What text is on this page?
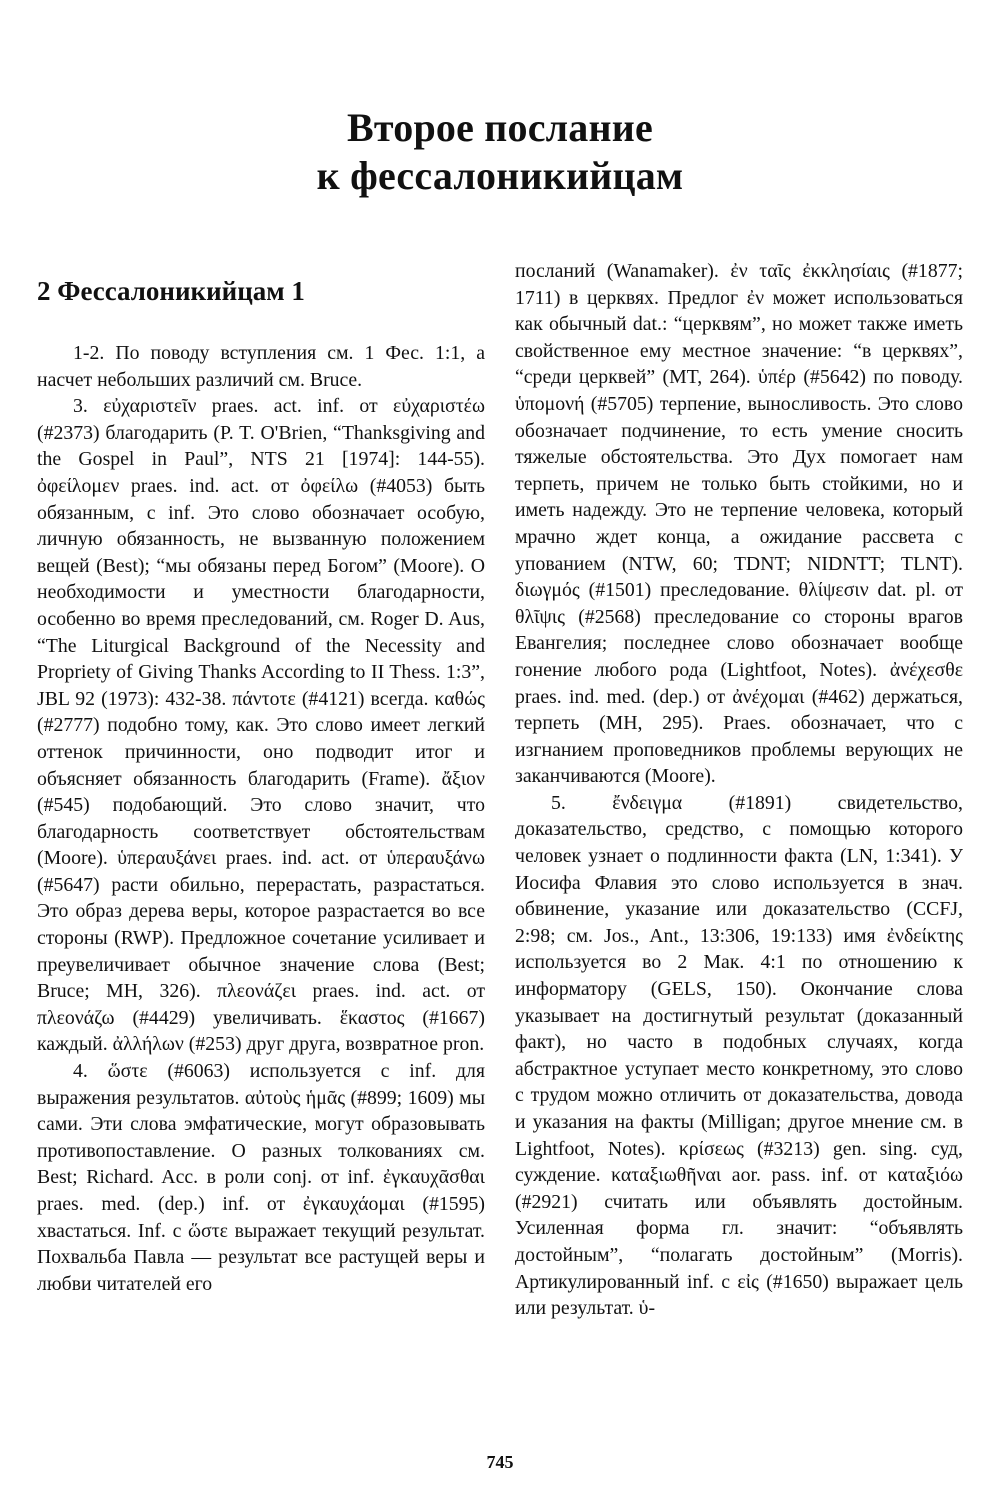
Второе послание
к фессалоникийцам
2 Фессалоникийцам 1

1-2. По поводу вступления см. 1 Фес. 1:1, а насчет небольших различий см. Bruce.

3. εὐχαριστεῖν praes. act. inf. от εὐχαριστέω (#2373) благодарить (P. T. O'Brien, “Thanksgiving and the Gospel in Paul”, NTS 21 [1974]: 144-55). ὀφείλομεν praes. ind. act. от ὀφείλω (#4053) быть обязанным, с inf. Это слово обозначает особую, личную обязанность, не вызванную положением вещей (Best); “мы обязаны перед Богом” (Moore). О необходимости и уместности благодарности, особенно во время преследований, см. Roger D. Aus, “The Liturgical Background of the Necessity and Propriety of Giving Thanks According to II Thess. 1:3”, JBL 92 (1973): 432-38. πάντοτε (#4121) всегда. καθώς (#2777) подобно тому, как. Это слово имеет легкий оттенок причинности, оно подводит итог и объясняет обязанность благодарить (Frame). ἄξιον (#545) подобающий. Это слово значит, что благодарность соответствует обстоятельствам (Moore). ὑπεραυξάνει praes. ind. act. от ὑπεραυξάνω (#5647) расти обильно, перерастать, разрастаться. Это образ дерева веры, которое разрастается во все стороны (RWP). Предложное сочетание усиливает и преувеличивает обычное значение слова (Best; Bruce; MH, 326). πλεονάζει praes. ind. act. от πλεονάζω (#4429) увеличивать. ἕκαστος (#1667) каждый. ἀλλήλων (#253) друг друга, возвратное pron.

4. ὥστε (#6063) используется с inf. для выражения результатов. αὐτοὺς ἡμᾶς (#899; 1609) мы сами. Эти слова эмфатические, могут образовывать противопоставление. О разных толкованиях см. Best; Richard. Acc. в роли conj. от inf. ἐγκαυχᾶσθαι praes. med. (dep.) inf. от ἐγκαυχάομαι (#1595) хвастаться. Inf. с ὥστε выражает текущий результат. Похвальба Павла — результат все растущей веры и любви читателей его

посланий (Wanamaker). ἐν ταῖς ἐκκλησίαις (#1877; 1711) в церквях. Предлог ἐν может использоваться как обычный dat.: “церквям”, но может также иметь свойственное ему местное значение: “в церквях”, “среди церквей” (MT, 264). ὑπέρ (#5642) по поводу. ὑπομονή (#5705) терпение, выносливость. Это слово обозначает подчинение, то есть умение сносить тяжелые обстоятельства. Это Дух помогает нам терпеть, причем не только быть стойкими, но и иметь надежду. Это не терпение человека, который мрачно ждет конца, а ожидание рассвета с упованием (NTW, 60; TDNT; NIDNTT; TLNT). διωγμός (#1501) преследование. θλίψεσιν dat. pl. от θλῖψις (#2568) преследование со стороны врагов Евангелия; последнее слово обозначает вообще гонение любого рода (Lightfoot, Notes). ἀνέχεσθε praes. ind. med. (dep.) от ἀνέχομαι (#462) держаться, терпеть (MH, 295). Praes. обозначает, что с изгнанием проповедников проблемы верующих не заканчиваются (Moore).

5. ἔνδειγμα (#1891) свидетельство, доказательство, средство, с помощью которого человек узнает о подлинности факта (LN, 1:341). У Иосифа Флавия это слово используется в знач. обвинение, указание или доказательство (CCFJ, 2:98; см. Jos., Ant., 13:306, 19:133) имя ἐνδείκτης используется во 2 Мак. 4:1 по отношению к информатору (GELS, 150). Окончание слова указывает на достигнутый результат (доказанный факт), но часто в подобных случаях, когда абстрактное уступает место конкретному, это слово с трудом можно отличить от доказательства, довода и указания на факты (Milligan; другое мнение см. в Lightfoot, Notes). κρίσεως (#3213) gen. sing. суд, суждение. καταξιωθῆναι aor. pass. inf. от καταξιόω (#2921) считать или объявлять достойным. Усиленная форма гл. значит: “объявлять достойным”, “полагать достойным” (Morris). Артикулированный inf. с εἰς (#1650) выражает цель или результат. ὑ-

745
